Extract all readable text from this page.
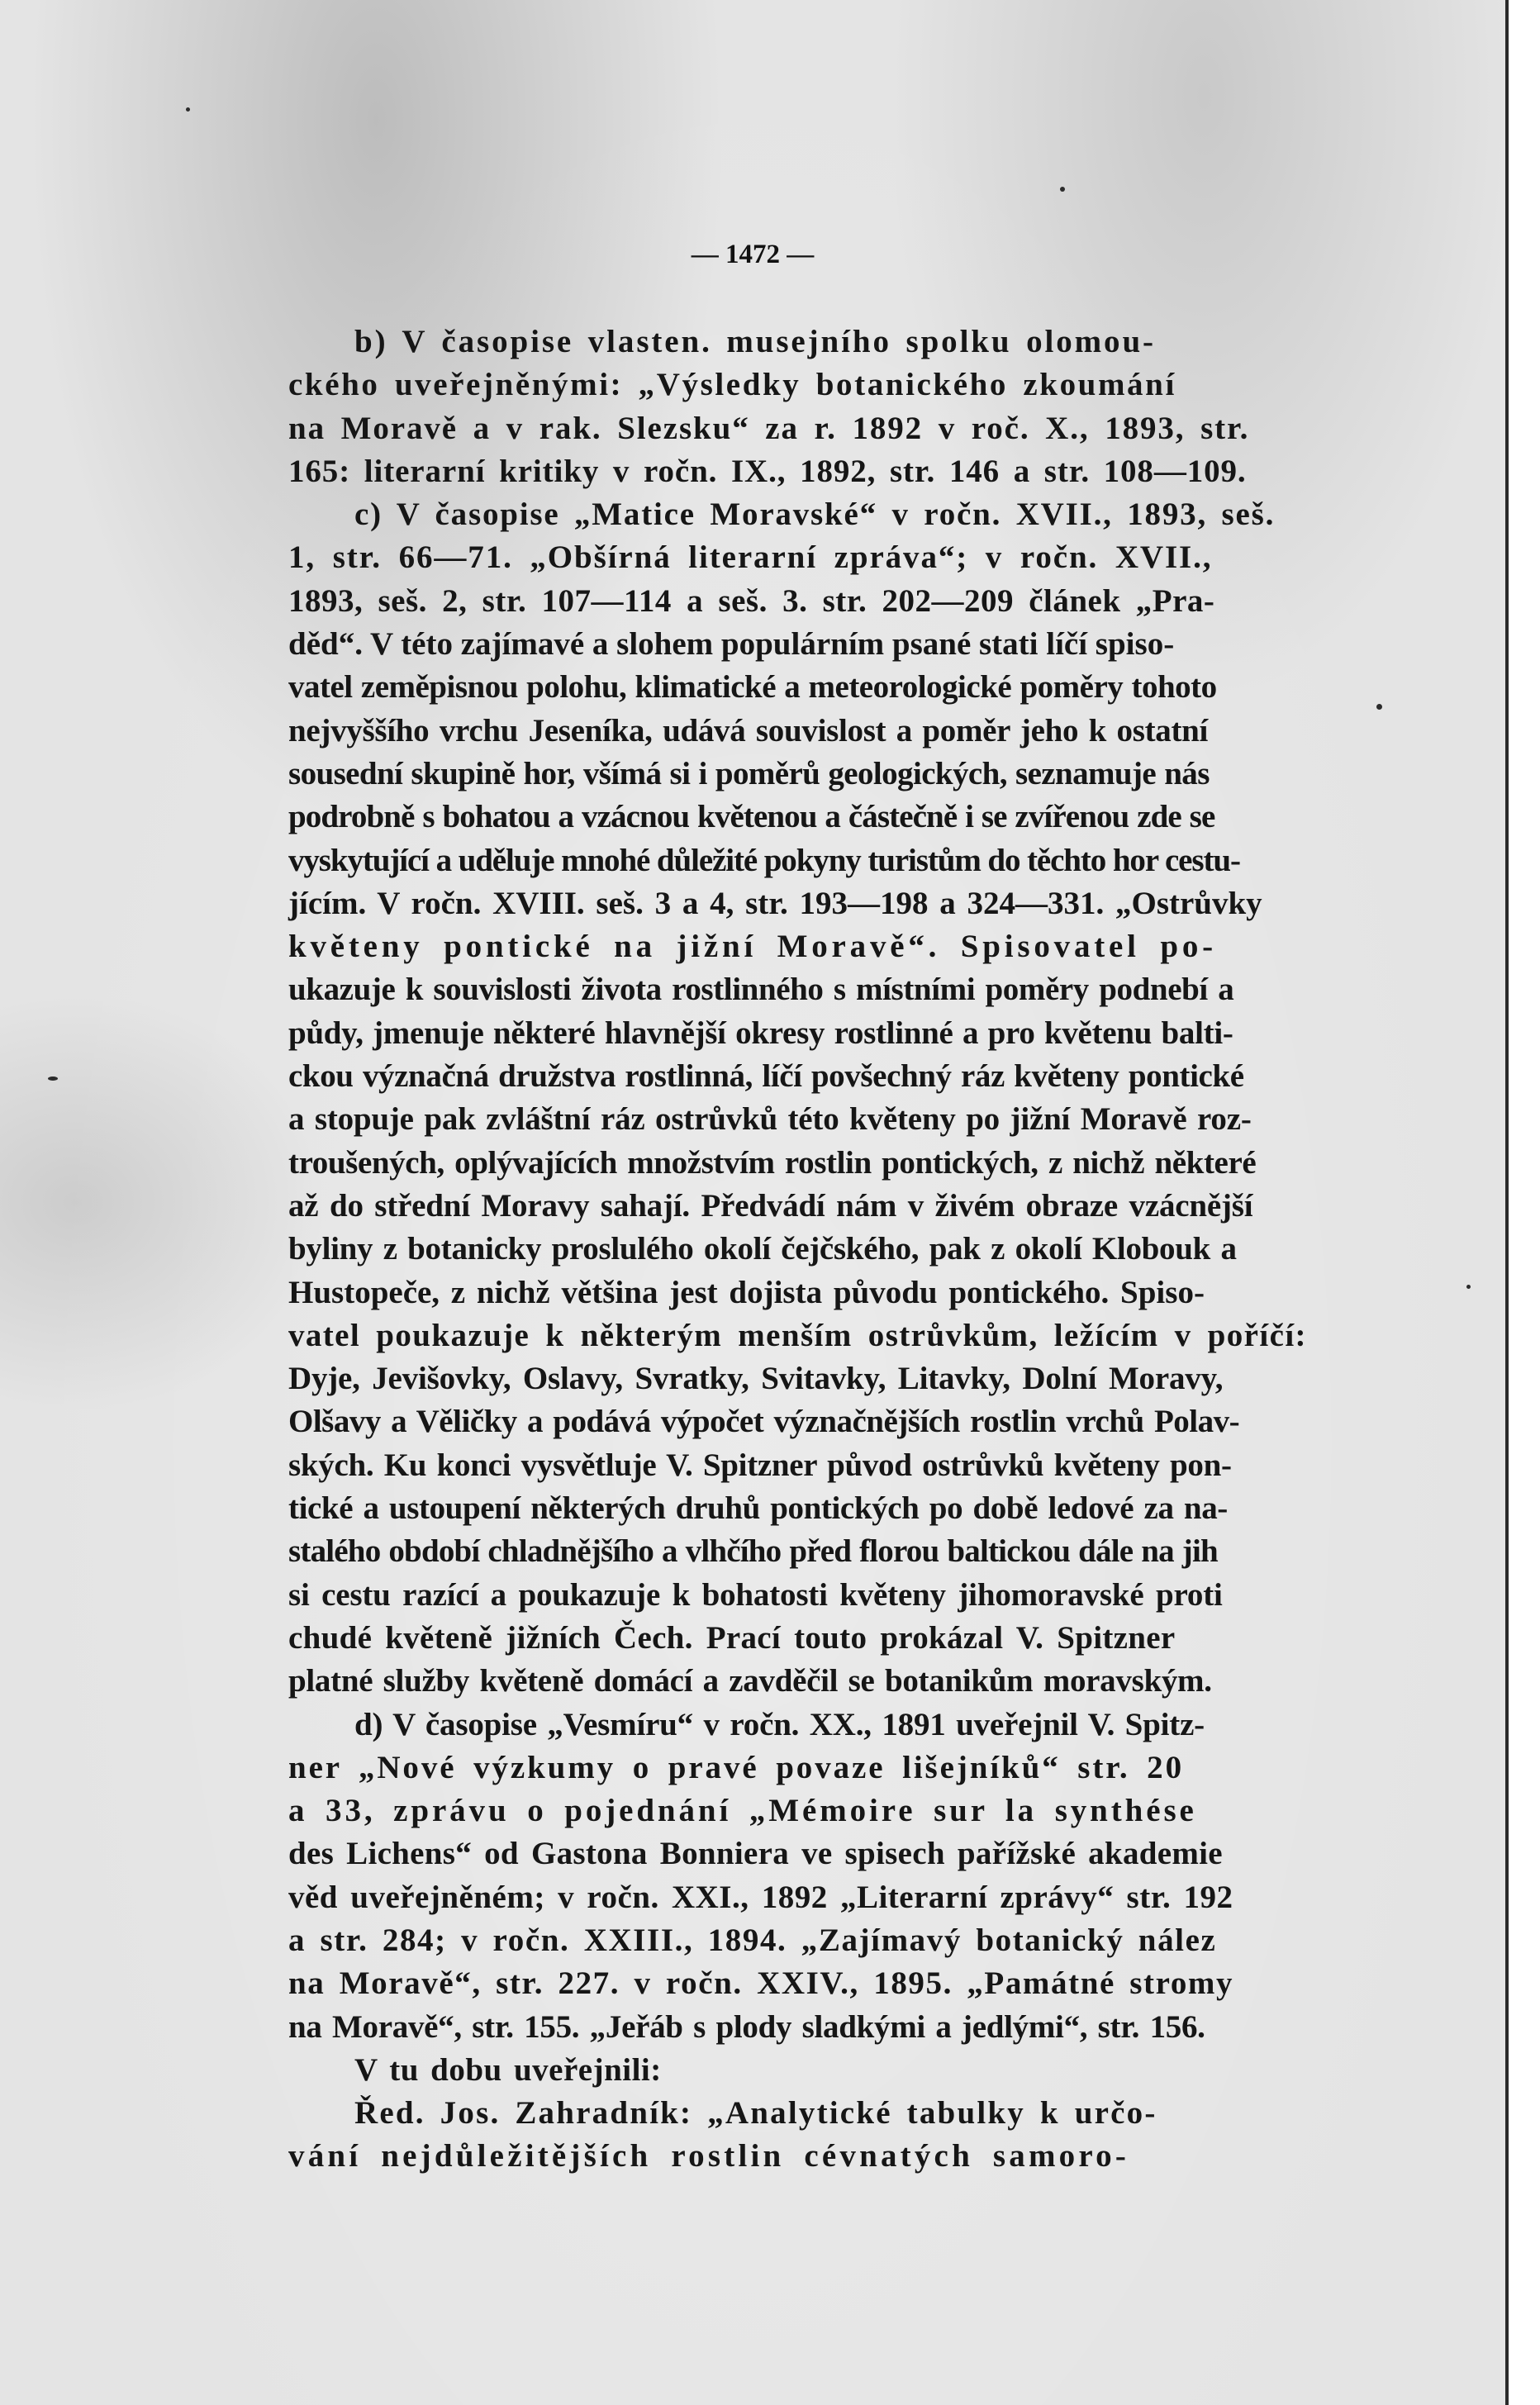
— 1472 —
b) V časopise vlasten. musejního spolku olomou-
ckého uveřejněnými: „Výsledky botanického zkoumání
na Moravě a v rak. Slezsku“ za r. 1892 v roč. X., 1893, str.
165: literarní kritiky v ročn. IX., 1892, str. 146 a str. 108—109.
c) V časopise „Matice Moravské“ v ročn. XVII., 1893, seš.
1, str. 66—71. „Obšírná literarní zpráva“; v ročn. XVII.,
1893, seš. 2, str. 107—114 a seš. 3. str. 202—209 článek „Pra-
děd“. V této zajímavé a slohem populárním psané stati líčí spiso-
vatel zeměpisnou polohu, klimatické a meteorologické poměry tohoto
nejvyššího vrchu Jeseníka, udává souvislost a poměr jeho k ostatní
sousední skupině hor, všímá si i poměrů geologických, seznamuje nás
podrobně s bohatou a vzácnou květenou a částečně i se zvířenou zde se
vyskytující a uděluje mnohé důležité pokyny turistům do těchto hor cestu-
jícím. V ročn. XVIII. seš. 3 a 4, str. 193—198 a 324—331. „Ostrůvky
květeny pontické na jižní Moravě“. Spisovatel po-
ukazuje k souvislosti života rostlinného s místními poměry podnebí a
půdy, jmenuje některé hlavnější okresy rostlinné a pro květenu balti-
ckou význačná družstva rostlinná, líčí povšechný ráz květeny pontické
a stopuje pak zvláštní ráz ostrůvků této květeny po jižní Moravě roz-
troušených, oplývajících množstvím rostlin pontických, z nichž některé
až do střední Moravy sahají. Předvádí nám v živém obraze vzácnější
byliny z botanicky proslulého okolí čejčského, pak z okolí Klobouk a
Hustopeče, z nichž většina jest dojista původu pontického. Spiso-
vatel poukazuje k některým menším ostrůvkům, ležícím v poříčí:
Dyje, Jevišovky, Oslavy, Svratky, Svitavky, Litavky, Dolní Moravy,
Olšavy a Věličky a podává výpočet význačnějších rostlin vrchů Polav-
ských. Ku konci vysvětluje V. Spitzner původ ostrůvků květeny pon-
tické a ustoupení některých druhů pontických po době ledové za na-
stalého období chladnějšího a vlhčího před florou baltickou dále na jih
si cestu razící a poukazuje k bohatosti květeny jihomoravské proti
chudé květeně jižních Čech. Prací touto prokázal V. Spitzner
platné služby květeně domácí a zavděčil se botanikům moravským.
d) V časopise „Vesmíru“ v ročn. XX., 1891 uveřejnil V. Spitz-
ner „Nové výzkumy o pravé povaze lišejníků“ str. 20
a 33, zprávu o pojednání „Mémoire sur la synthése
des Lichens“ od Gastona Bonniera ve spisech pařížské akademie
věd uveřejněném; v ročn. XXI., 1892 „Literarní zprávy“ str. 192
a str. 284; v ročn. XXIII., 1894. „Zajímavý botanický nález
na Moravě“, str. 227. v ročn. XXIV., 1895. „Památné stromy
na Moravě“, str. 155. „Jeřáb s plody sladkými a jedlými“, str. 156.
V tu dobu uveřejnili:
Řed. Jos. Zahradník: „Analytické tabulky k určo-
vání nejdůležitějších rostlin cévnatých samoro-
